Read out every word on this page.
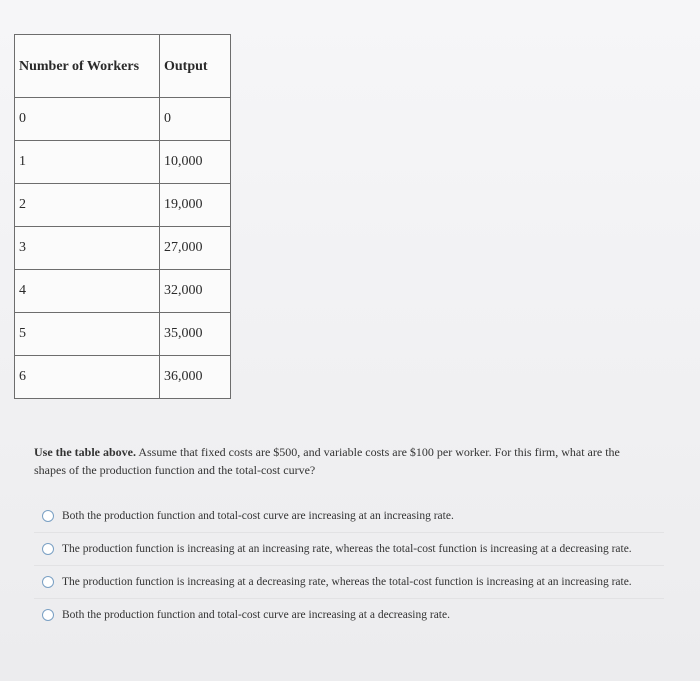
Number of Workers	Output
0	0
1	10,000
2	19,000
3	27,000
4	32,000
5	35,000
6	36,000
Use the table above. Assume that fixed costs are $500, and variable costs are $100 per worker. For this firm, what are the shapes of the production function and the total-cost curve?
Both the production function and total-cost curve are increasing at an increasing rate.
The production function is increasing at an increasing rate, whereas the total-cost function is increasing at a decreasing rate.
The production function is increasing at a decreasing rate, whereas the total-cost function is increasing at an increasing rate.
Both the production function and total-cost curve are increasing at a decreasing rate.
